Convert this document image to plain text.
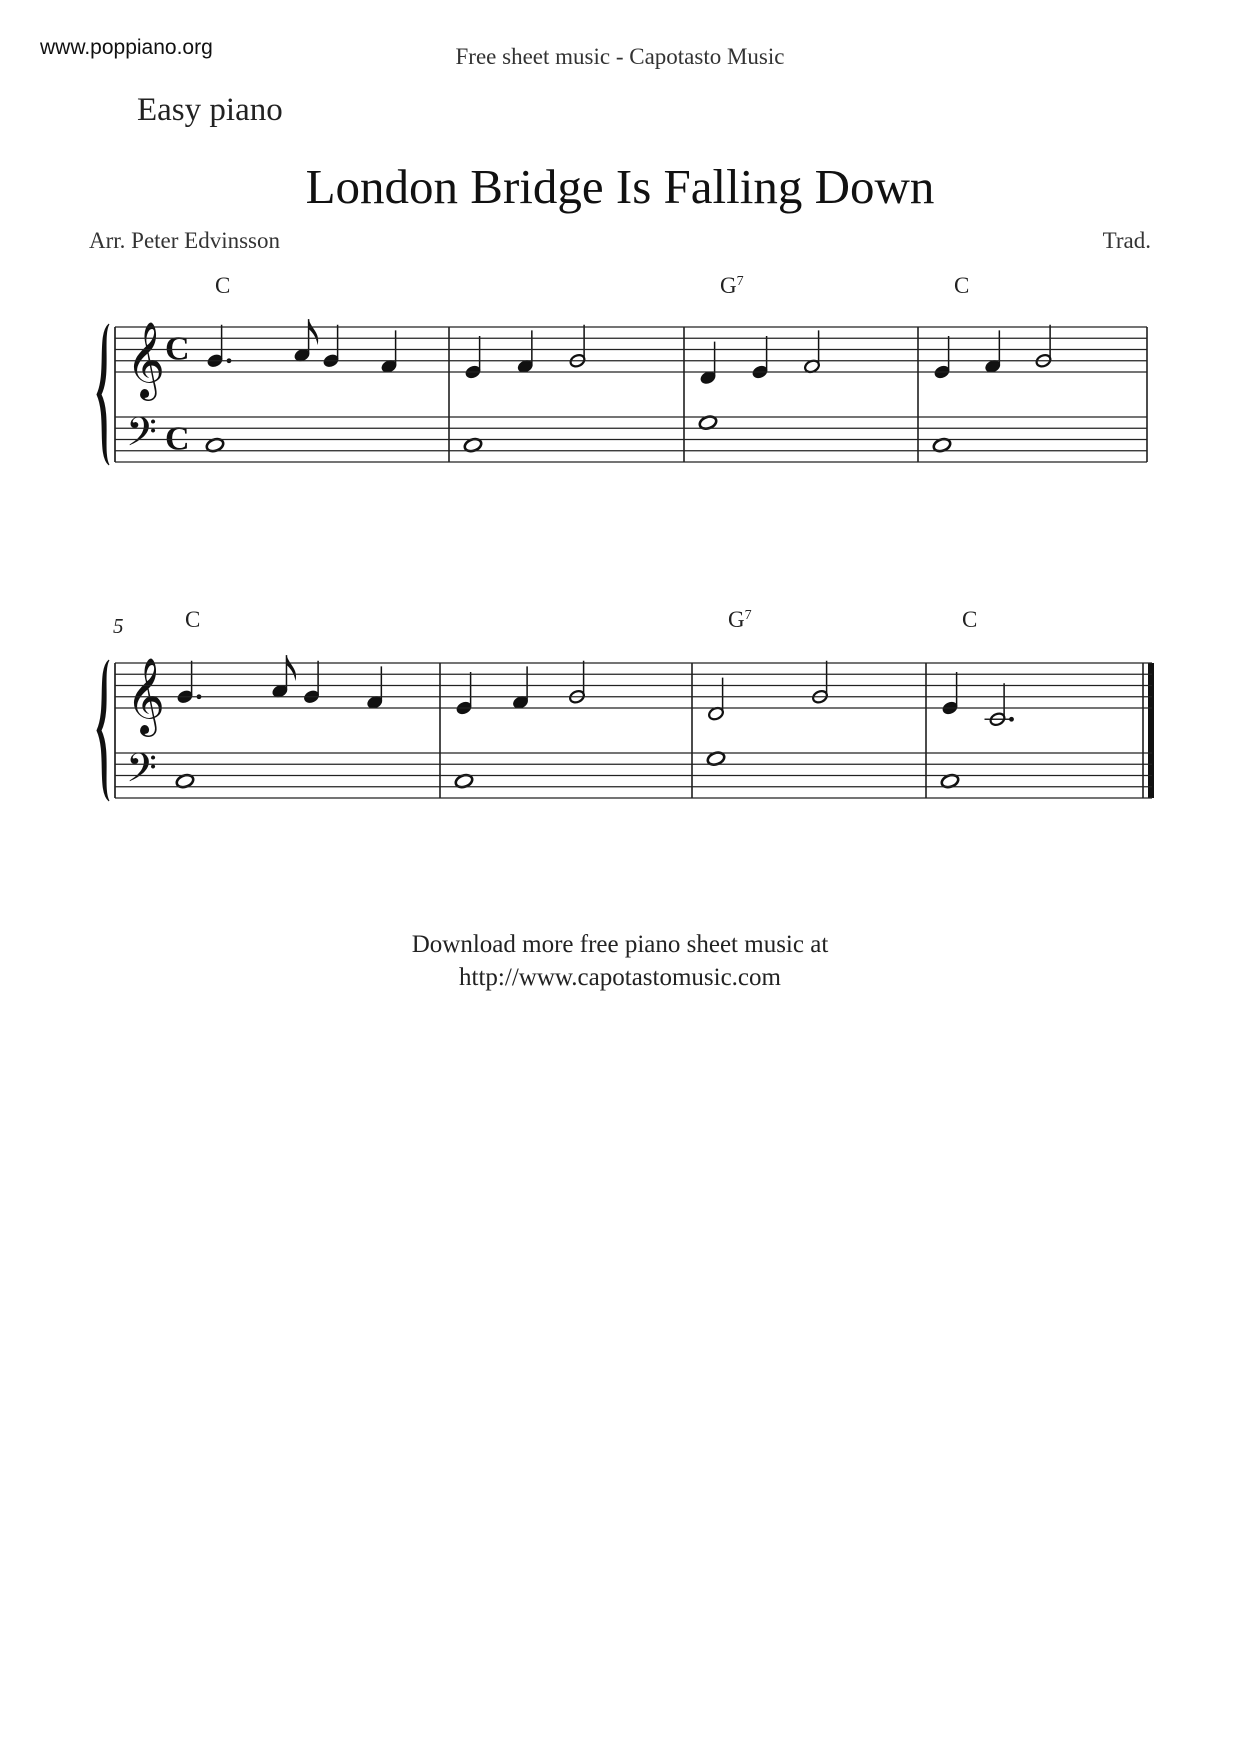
www.poppiano.org	Free sheet music - Capotasto Music
Easy piano
London Bridge Is Falling Down
Arr. Peter Edvinsson	Trad.
𝄞
𝄢
C
C
C	$G^7$	C
𝄞
𝄢
5	C	$G^7$	C
Download more free piano sheet music at
http://www.capotastomusic.com
